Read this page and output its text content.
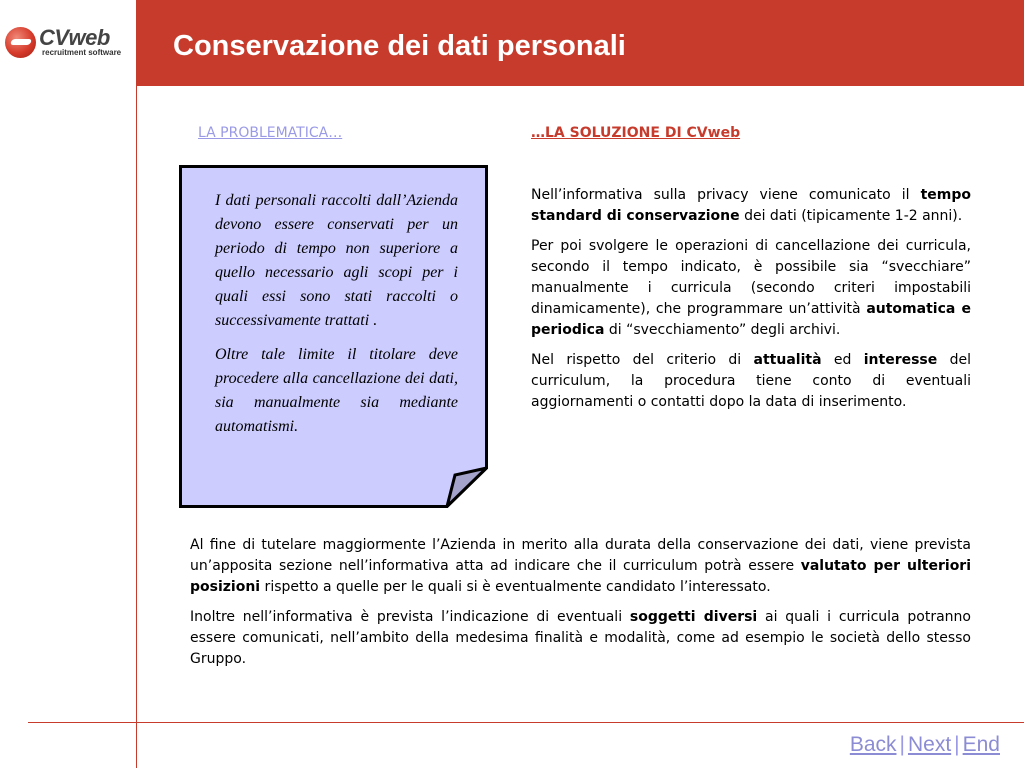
CVweb
recruitment software Conservazione dei dati personali
LA PROBLEMATICA…	…LA SOLUZIONE DI CVweb

I dati personali raccolti dall’Azienda devono essere conservati per un periodo di tempo non superiore a quello necessario agli scopi per i quali essi sono stati raccolti o successivamente trattati .

Oltre tale limite il titolare deve procedere alla cancellazione dei dati, sia manualmente sia mediante automatismi.

Nell’informativa sulla privacy viene comunicato il tempo standard di conservazione dei dati (tipicamente 1-2 anni).

Per poi svolgere le operazioni di cancellazione dei curricula, secondo il tempo indicato, è possibile sia “svecchiare” manualmente i curricula (secondo criteri impostabili dinamicamente), che programmare un’attività automatica e periodica di “svecchiamento” degli archivi.

Nel rispetto del criterio di attualità ed interesse del curriculum, la procedura tiene conto di eventuali aggiornamenti o contatti dopo la data di inserimento.

Al fine di tutelare maggiormente l’Azienda in merito alla durata della conservazione dei dati, viene prevista un’apposita sezione nell’informativa atta ad indicare che il curriculum potrà essere valutato per ulteriori posizioni rispetto a quelle per le quali si è eventualmente candidato l’interessato.

Inoltre nell’informativa è prevista l’indicazione di eventuali soggetti diversi ai quali i curricula potranno essere comunicati, nell’ambito della medesima finalità e modalità, come ad esempio le società dello stesso Gruppo.

Back | Next | End
